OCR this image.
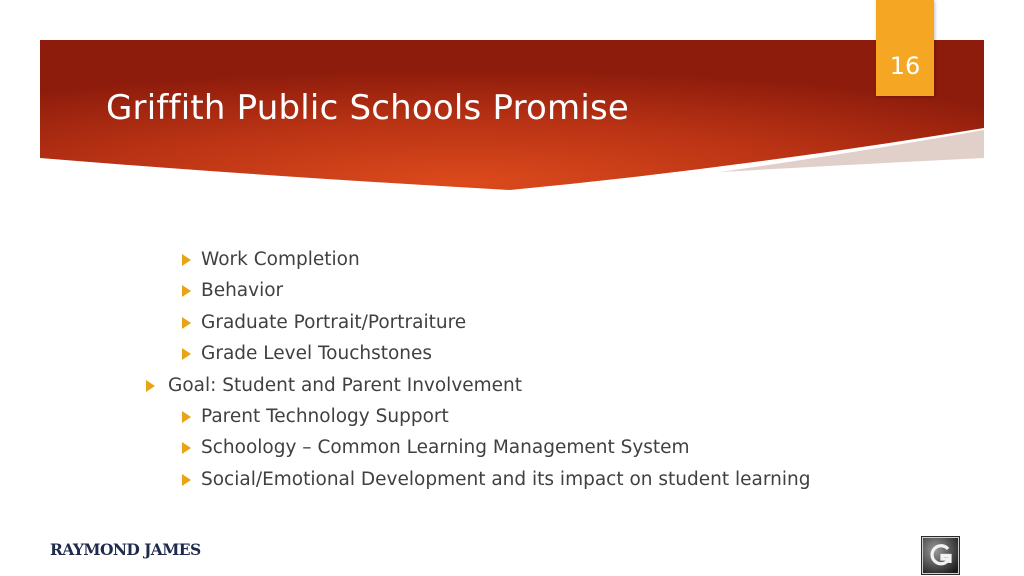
Griffith Public Schools Promise
16
Work Completion
Behavior
Graduate Portrait/Portraiture
Grade Level Touchstones
Goal: Student and Parent Involvement
Parent Technology Support
Schoology – Common Learning Management System
Social/Emotional Development and its impact on student learning
RAYMOND JAMES
